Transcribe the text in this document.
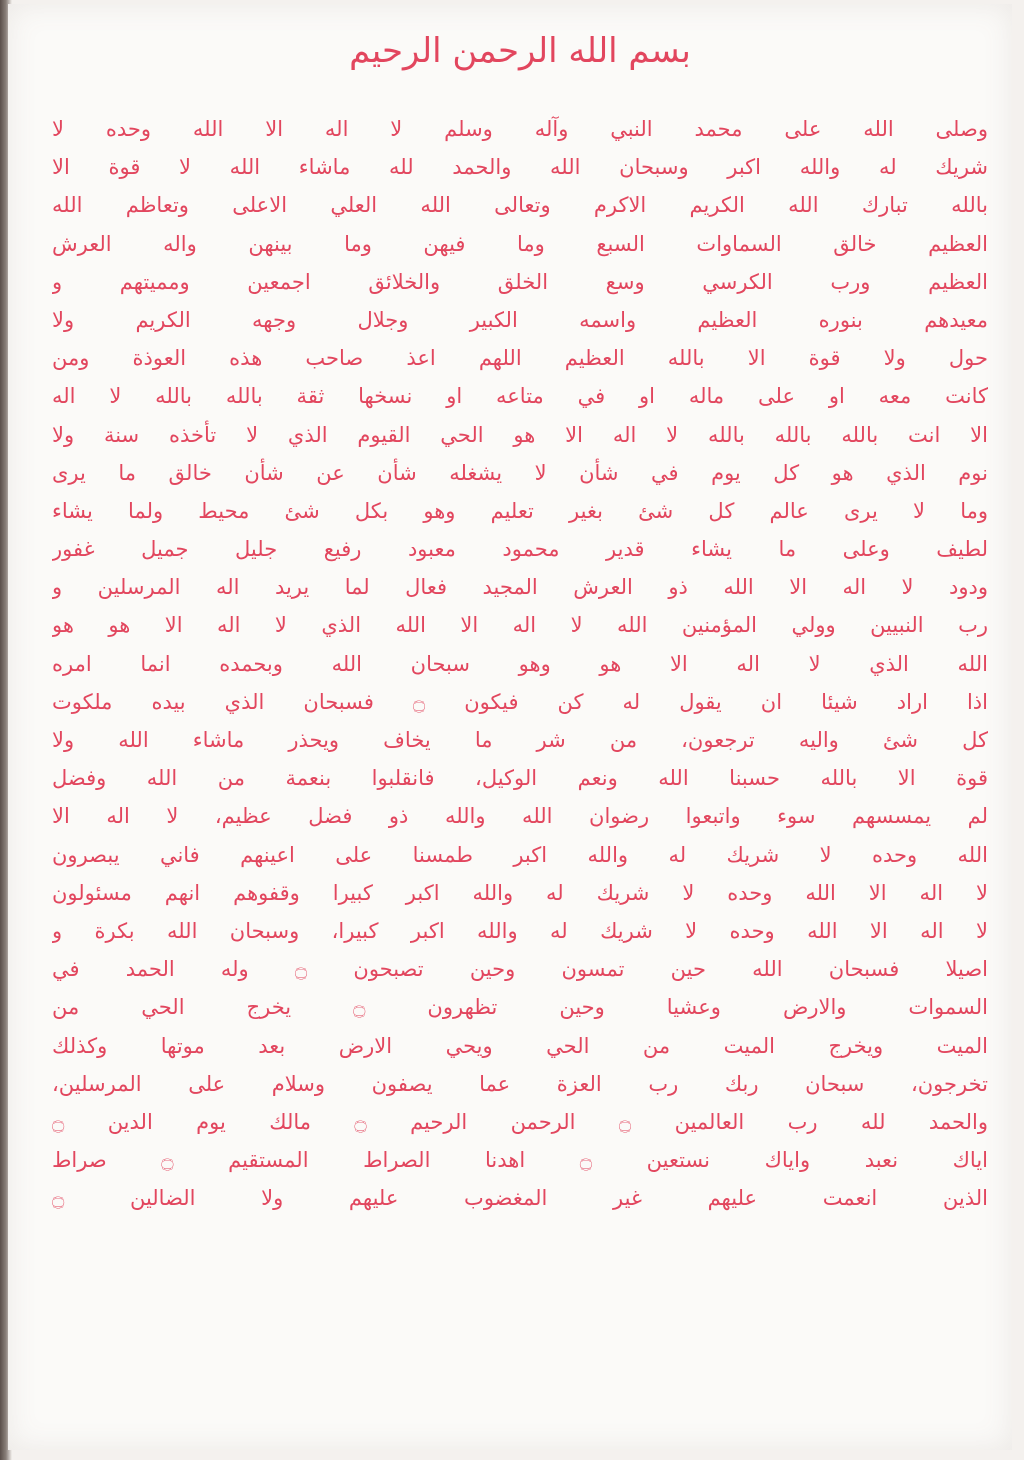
بسم الله الرحمن الرحيم
وصلى الله على محمد النبي وآله وسلم لا اله الا الله وحده لا
شريك له والله اكبر وسبحان الله والحمد لله ماشاء الله لا قوة الا
بالله تبارك الله الكريم الاكرم وتعالى الله العلي الاعلى وتعاظم الله
العظيم خالق السماوات السبع وما فيهن وما بينهن واله العرش
العظيم ورب الكرسي وسع الخلق والخلائق اجمعين ومميتهم و
معيدهم بنوره العظيم واسمه الكبير وجلال وجهه الكريم ولا
حول ولا قوة الا بالله العظيم اللهم اعذ صاحب هذه العوذة ومن
كانت معه او على ماله او في متاعه او نسخها ثقة بالله بالله لا اله
الا انت بالله بالله بالله لا اله الا هو الحي القيوم الذي لا تأخذه سنة ولا
نوم الذي هو كل يوم في شأن لا يشغله شأن عن شأن خالق ما يرى
وما لا يرى عالم كل شئ بغير تعليم وهو بكل شئ محيط ولما يشاء
لطيف وعلى ما يشاء قدير محمود معبود رفيع جليل جميل غفور
ودود لا اله الا الله ذو العرش المجيد فعال لما يريد اله المرسلين و
رب النبيين وولي المؤمنين الله لا اله الا الله الذي لا اله الا هو هو
الله الذي لا اله الا هو وهو سبحان الله وبحمده انما امره
اذا اراد شيئا ان يقول له كن فيكون ۝ فسبحان الذي بيده ملكوت
كل شئ واليه ترجعون، من شر ما يخاف ويحذر ماشاء الله ولا
قوة الا بالله حسبنا الله ونعم الوكيل، فانقلبوا بنعمة من الله وفضل
لم يمسسهم سوء واتبعوا رضوان الله والله ذو فضل عظيم، لا اله الا
الله وحده لا شريك له والله اكبر طمسنا على اعينهم فاني يبصرون
لا اله الا الله وحده لا شريك له والله اكبر كبيرا وقفوهم انهم مسئولون
لا اله الا الله وحده لا شريك له والله اكبر كبيرا، وسبحان الله بكرة و
اصيلا فسبحان الله حين تمسون وحين تصبحون ۝ وله الحمد في
السموات والارض وعشيا وحين تظهرون ۝ يخرج الحي من
الميت ويخرج الميت من الحي ويحي الارض بعد موتها وكذلك
تخرجون، سبحان ربك رب العزة عما يصفون وسلام على المرسلين،
والحمد لله رب العالمين ۝ الرحمن الرحيم ۝ مالك يوم الدين ۝
اياك نعبد واياك نستعين ۝ اهدنا الصراط المستقيم ۝ صراط
الذين انعمت عليهم غير المغضوب عليهم ولا الضالين ۝
